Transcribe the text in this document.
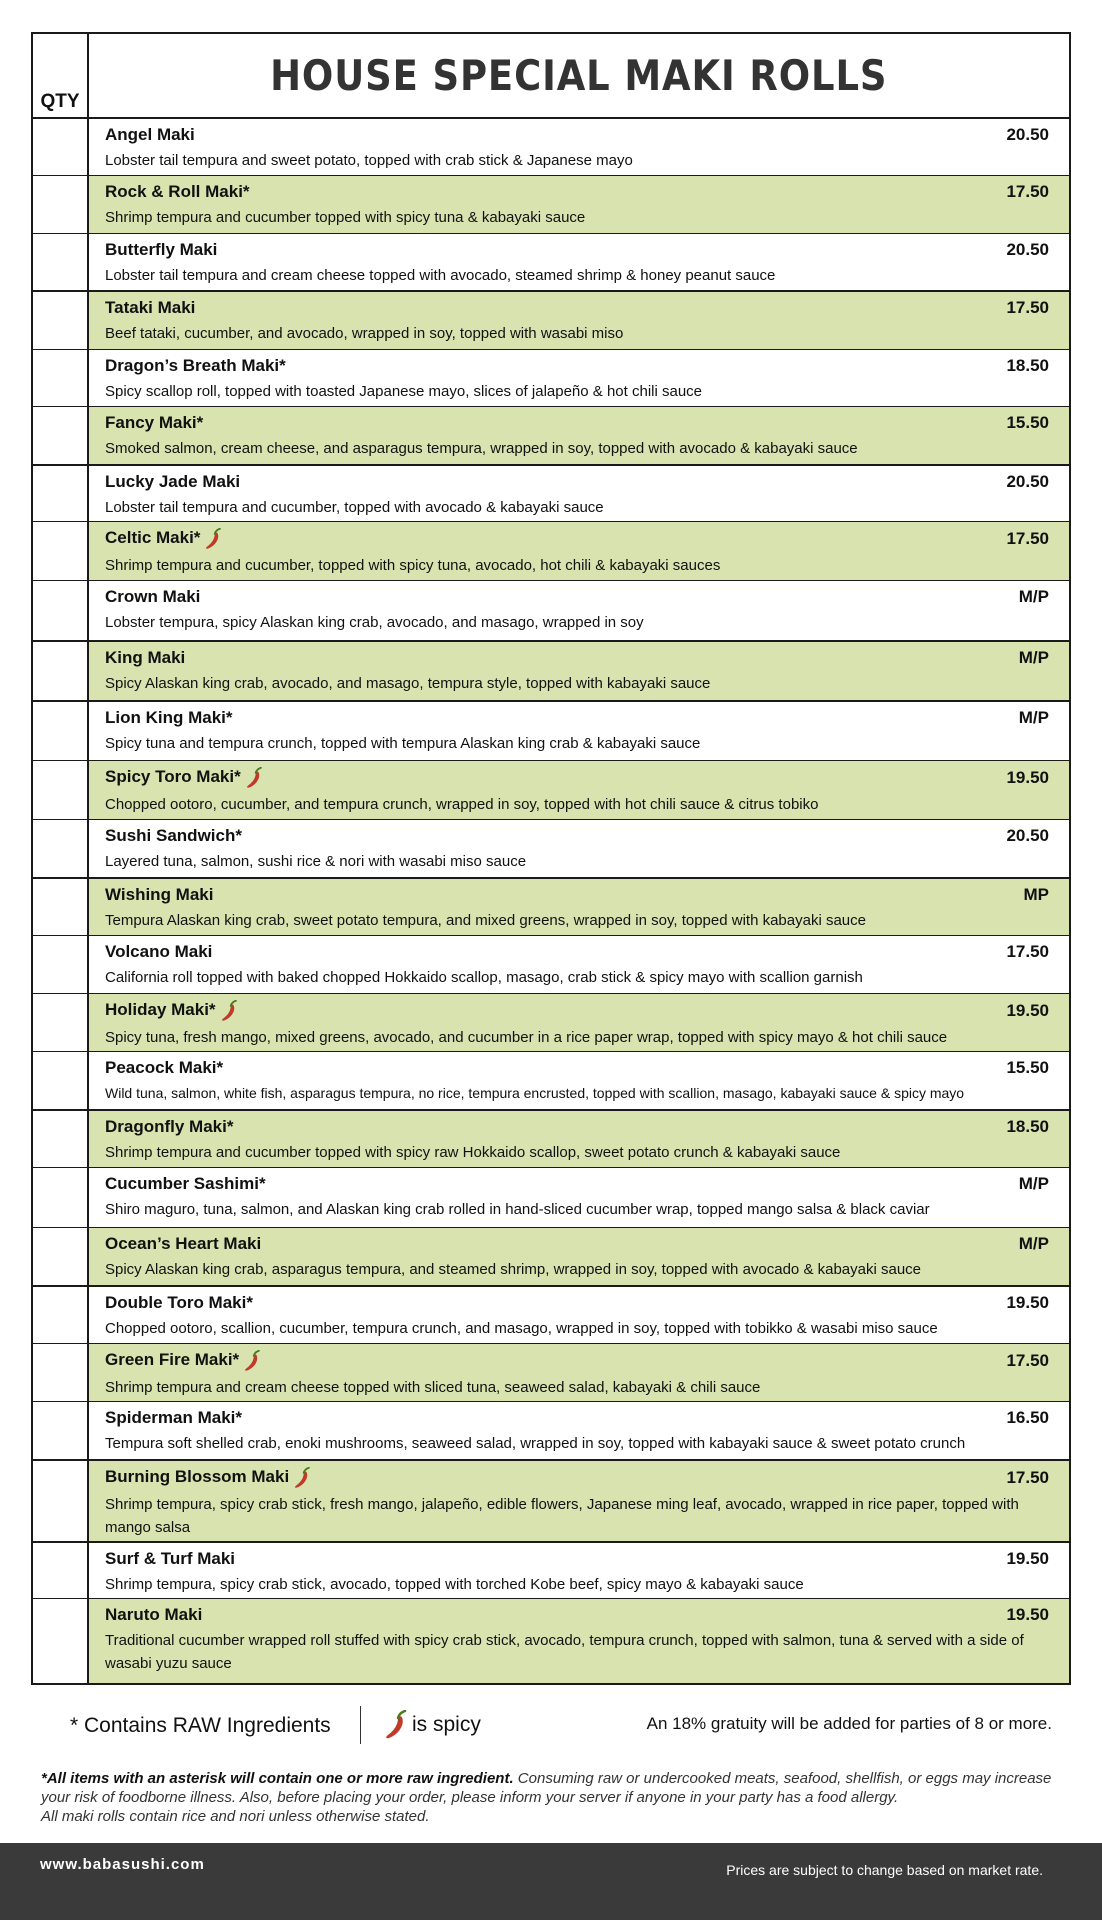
QTY
HOUSE SPECIAL MAKI ROLLS
Angel Maki	20.50
Lobster tail tempura and sweet potato, topped with crab stick & Japanese mayo
Rock & Roll Maki*	17.50
Shrimp tempura and cucumber topped with spicy tuna & kabayaki sauce
Butterfly Maki	20.50
Lobster tail tempura and cream cheese topped with avocado, steamed shrimp & honey peanut sauce
Tataki Maki	17.50
Beef tataki, cucumber, and avocado, wrapped in soy, topped with wasabi miso
Dragon’s Breath Maki*	18.50
Spicy scallop roll, topped with toasted Japanese mayo, slices of jalapeño & hot chili sauce
Fancy Maki*	15.50
Smoked salmon, cream cheese, and asparagus tempura, wrapped in soy, topped with avocado & kabayaki sauce
Lucky Jade Maki	20.50
Lobster tail tempura and cucumber, topped with avocado & kabayaki sauce
Celtic Maki*	17.50
Shrimp tempura and cucumber, topped with spicy tuna, avocado, hot chili & kabayaki sauces
Crown Maki	M/P
Lobster tempura, spicy Alaskan king crab, avocado, and masago, wrapped in soy
King Maki	M/P
Spicy Alaskan king crab, avocado, and masago, tempura style, topped with kabayaki sauce
Lion King Maki*	M/P
Spicy tuna and tempura crunch, topped with tempura Alaskan king crab & kabayaki sauce
Spicy Toro Maki*	19.50
Chopped ootoro, cucumber, and tempura crunch, wrapped in soy, topped with hot chili sauce & citrus tobiko
Sushi Sandwich*	20.50
Layered tuna, salmon, sushi rice & nori with wasabi miso sauce
Wishing Maki	MP
Tempura Alaskan king crab, sweet potato tempura, and mixed greens, wrapped in soy, topped with kabayaki sauce
Volcano Maki	17.50
California roll topped with baked chopped Hokkaido scallop, masago, crab stick & spicy mayo with scallion garnish
Holiday Maki*	19.50
Spicy tuna, fresh mango, mixed greens, avocado, and cucumber in a rice paper wrap, topped with spicy mayo & hot chili sauce
Peacock Maki*	15.50
Wild tuna, salmon, white fish, asparagus tempura, no rice, tempura encrusted, topped with scallion, masago, kabayaki sauce & spicy mayo
Dragonfly Maki*	18.50
Shrimp tempura and cucumber topped with spicy raw Hokkaido scallop, sweet potato crunch & kabayaki sauce
Cucumber Sashimi*	M/P
Shiro maguro, tuna, salmon, and Alaskan king crab rolled in hand-sliced cucumber wrap, topped mango salsa & black caviar
Ocean’s Heart Maki	M/P
Spicy Alaskan king crab, asparagus tempura, and steamed shrimp, wrapped in soy, topped with avocado & kabayaki sauce
Double Toro Maki*	19.50
Chopped ootoro, scallion, cucumber, tempura crunch, and masago, wrapped in soy, topped with tobikko & wasabi miso sauce
Green Fire Maki*	17.50
Shrimp tempura and cream cheese topped with sliced tuna, seaweed salad, kabayaki & chili sauce
Spiderman Maki*	16.50
Tempura soft shelled crab, enoki mushrooms, seaweed salad, wrapped in soy, topped with kabayaki sauce & sweet potato crunch
Burning Blossom Maki	17.50
Shrimp tempura, spicy crab stick, fresh mango, jalapeño, edible flowers, Japanese ming leaf, avocado, wrapped in rice paper, topped with mango salsa
Surf & Turf Maki	19.50
Shrimp tempura, spicy crab stick, avocado, topped with torched Kobe beef, spicy mayo & kabayaki sauce
Naruto Maki	19.50
Traditional cucumber wrapped roll stuffed with spicy crab stick, avocado, tempura crunch, topped with salmon, tuna & served with a side of wasabi yuzu sauce
* Contains RAW Ingredients	is spicy	An 18% gratuity will be added for parties of 8 or more.
*All items with an asterisk will contain one or more raw ingredient. Consuming raw or undercooked meats, seafood, shellfish, or eggs may increase your risk of foodborne illness. Also, before placing your order, please inform your server if anyone in your party has a food allergy.
All maki rolls contain rice and nori unless otherwise stated.
www.babasushi.com	Prices are subject to change based on market rate.
